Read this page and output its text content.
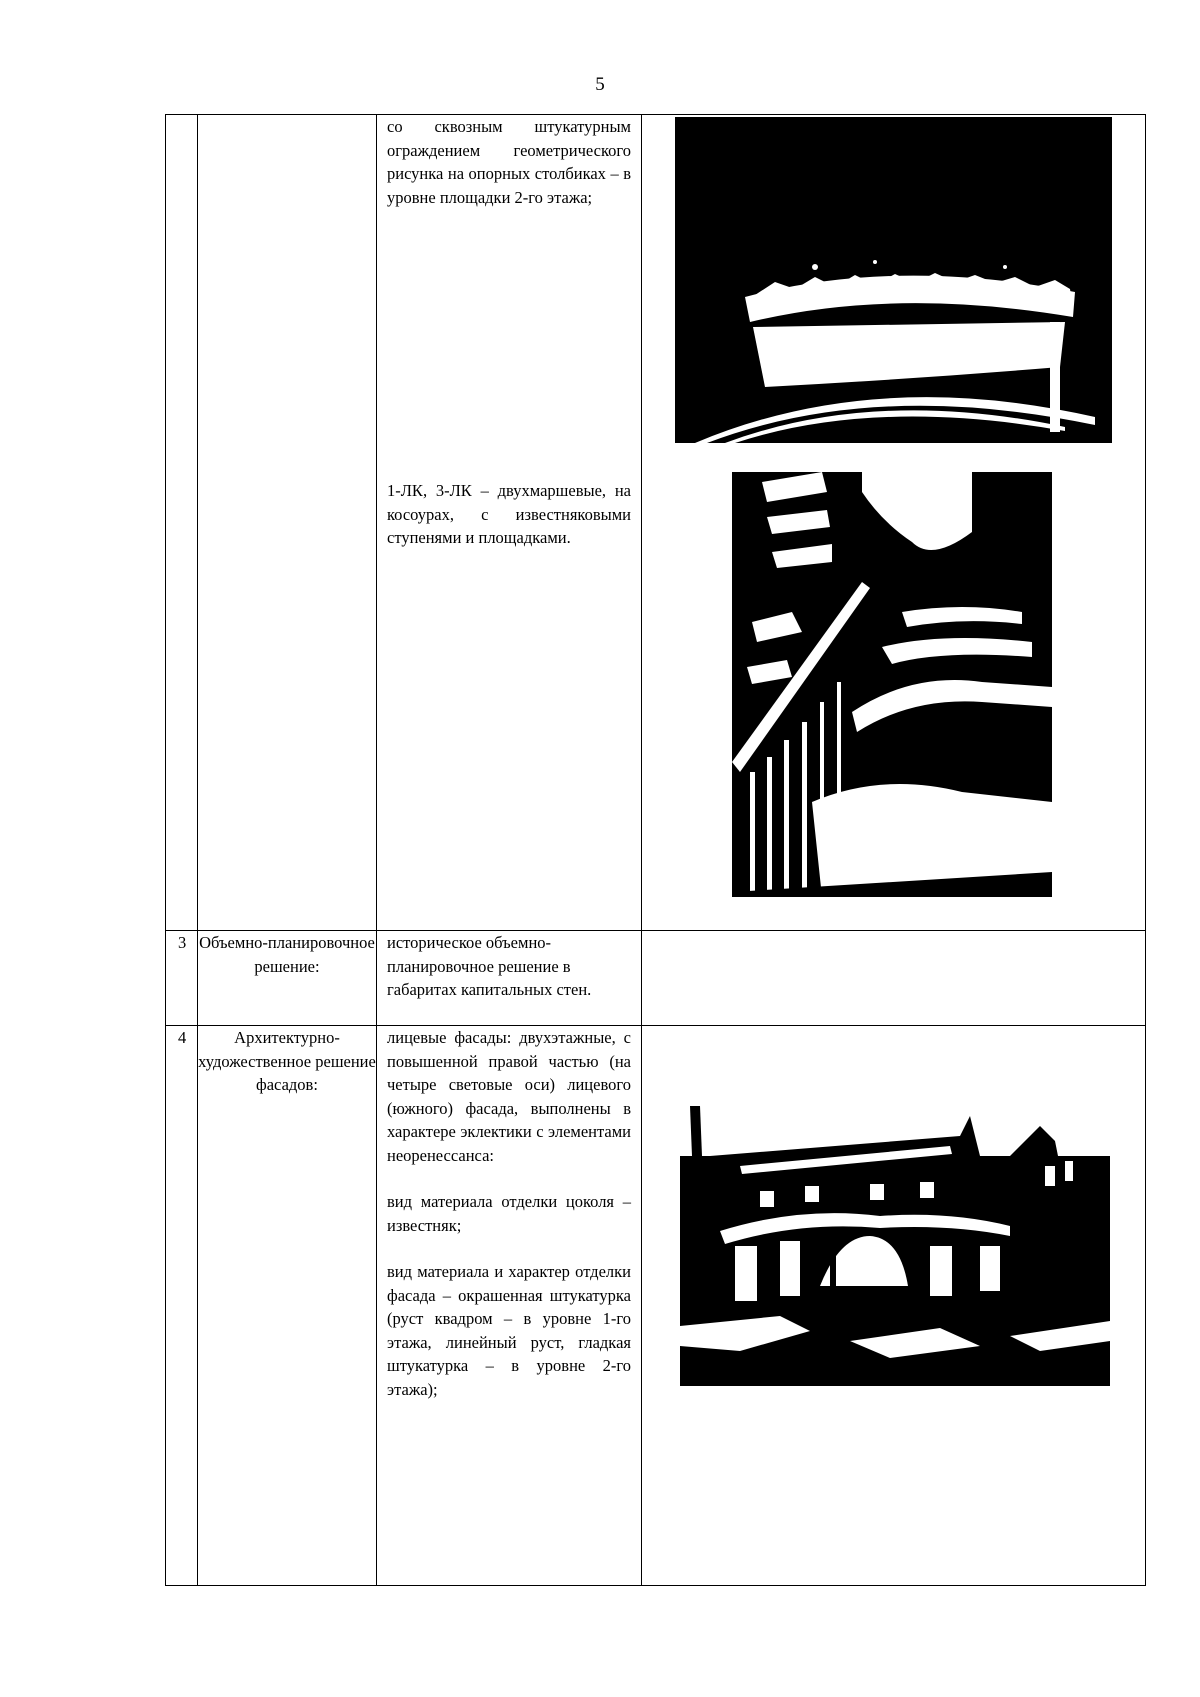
5

		со сквозным штукатурным ограждением геометрического рисунка на опорных столбиках – в уровне площадки 2-го этажа;
1-ЛК, 3-ЛК – двухмаршевые, на косоурах, с известняковыми ступенями и площадками.

3	Объемно-планировочное решение:	историческое объемно-планировочное решение в габаритах капитальных стен.	

4	Архитектурно-художественное решение фасадов:	лицевые фасады: двухэтажные, с повышенной правой частью (на четыре световые оси) лицевого (южного) фасада, выполнены в характере эклектики с элементами неоренессанса:
вид материала отделки цоколя – известняк;
вид материала и характер отделки фасада – окрашенная штукатурка (руст квадром – в уровне 1-го этажа, линейный руст, гладкая штукатурка – в уровне 2-го этажа);
